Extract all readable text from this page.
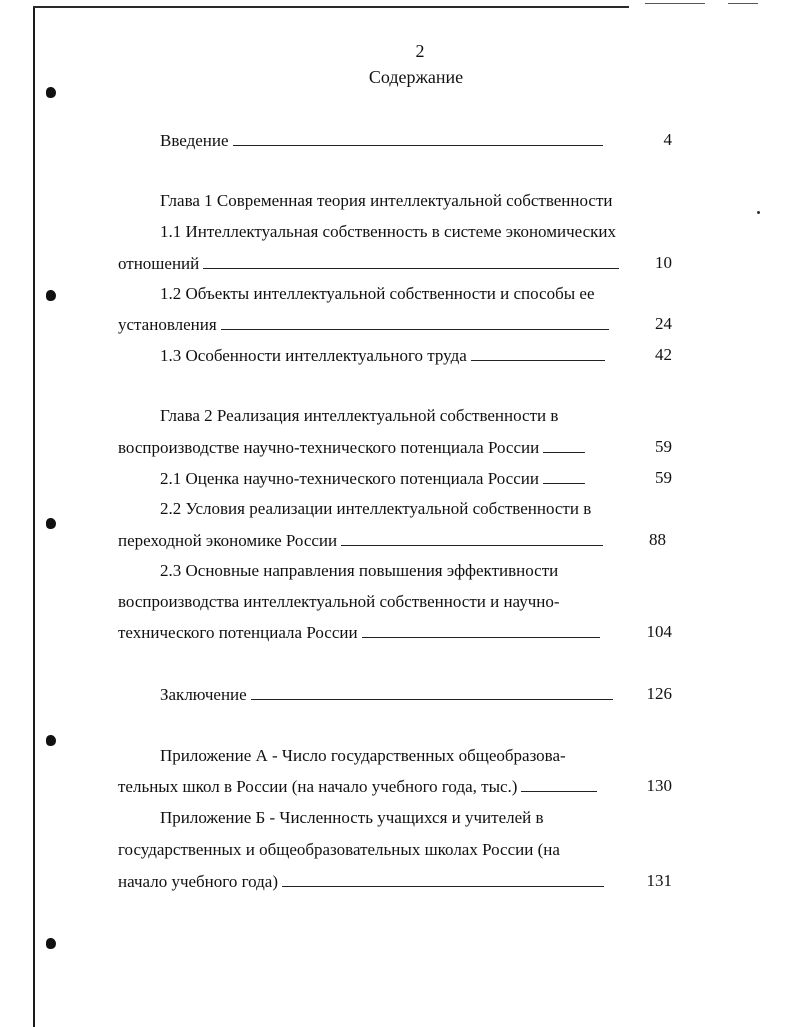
2
Содержание
Введение	4
Глава 1 Современная теория интеллектуальной собственности
1.1 Интеллектуальная собственность в системе экономических
отношений	10
1.2 Объекты интеллектуальной собственности и способы ее
установления	24
1.3 Особенности интеллектуального труда	42
Глава 2 Реализация интеллектуальной собственности в
воспроизводстве научно-технического потенциала России	59
2.1 Оценка научно-технического потенциала России	59
2.2 Условия реализации интеллектуальной собственности в
переходной экономике России	88
2.3 Основные направления повышения эффективности
воспроизводства интеллектуальной собственности и научно-
технического потенциала России	104
Заключение	126
Приложение А - Число государственных общеобразова-
тельных школ в России (на начало учебного года, тыс.)	130
Приложение Б - Численность учащихся и учителей в
государственных и общеобразовательных школах России (на
начало учебного года)	131
